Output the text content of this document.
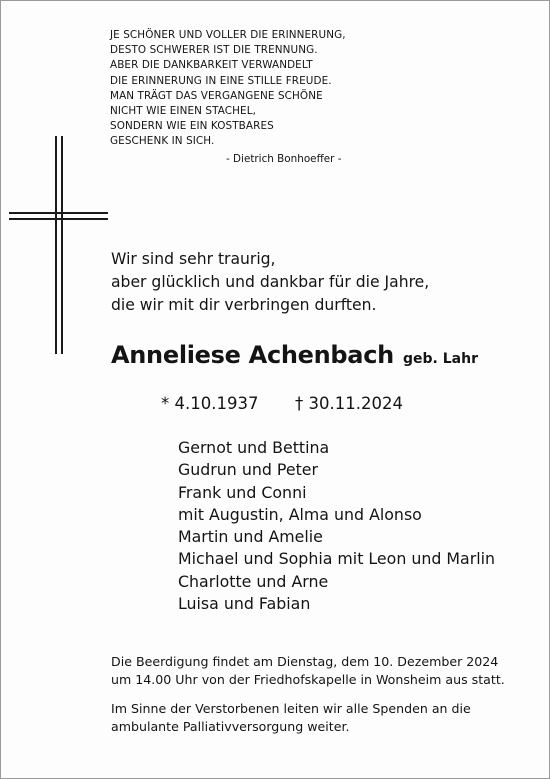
JE SCHÖNER UND VOLLER DIE ERINNERUNG,
DESTO SCHWERER IST DIE TRENNUNG.
ABER DIE DANKBARKEIT VERWANDELT
DIE ERINNERUNG IN EINE STILLE FREUDE.
MAN TRÄGT DAS VERGANGENE SCHÖNE
NICHT WIE EINEN STACHEL,
SONDERN WIE EIN KOSTBARES
GESCHENK IN SICH.
- Dietrich Bonhoeffer -
Wir sind sehr traurig,
aber glücklich und dankbar für die Jahre,
die wir mit dir verbringen durften.
Anneliese Achenbach geb. Lahr
* 4.10.1937 † 30.11.2024
Gernot und Bettina
Gudrun und Peter
Frank und Conni
mit Augustin, Alma und Alonso
Martin und Amelie
Michael und Sophia mit Leon und Marlin
Charlotte und Arne
Luisa und Fabian
Die Beerdigung findet am Dienstag, dem 10. Dezember 2024
um 14.00 Uhr von der Friedhofskapelle in Wonsheim aus statt.
Im Sinne der Verstorbenen leiten wir alle Spenden an die
ambulante Palliativversorgung weiter.
